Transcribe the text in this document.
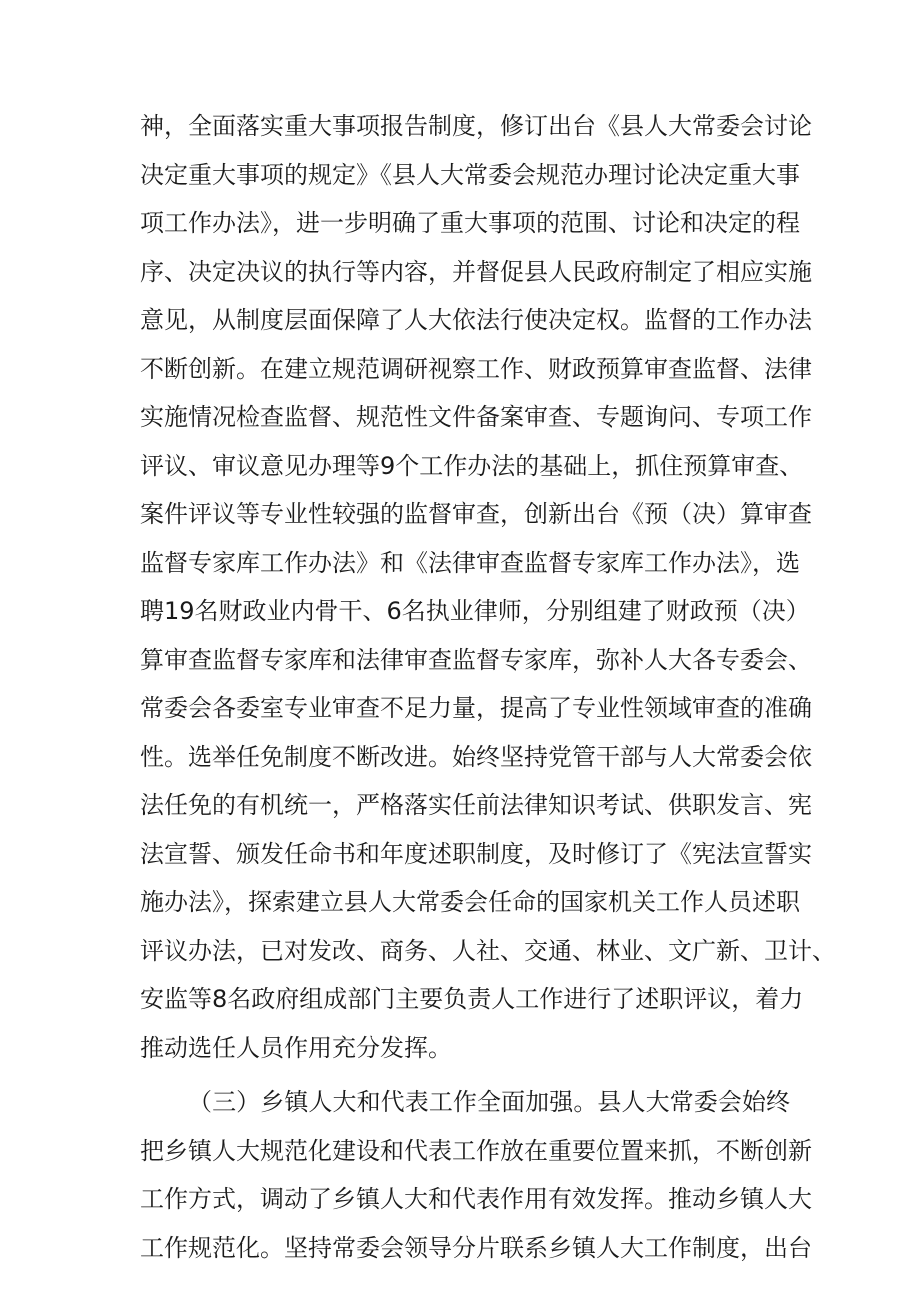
神，全面落实重大事项报告制度，修订出台《县人大常委会讨论
决定重大事项的规定》《县人大常委会规范办理讨论决定重大事
项工作办法》，进一步明确了重大事项的范围、讨论和决定的程
序、决定决议的执行等内容，并督促县人民政府制定了相应实施
意见，从制度层面保障了人大依法行使决定权。监督的工作办法
不断创新。在建立规范调研视察工作、财政预算审查监督、法律
实施情况检查监督、规范性文件备案审查、专题询问、专项工作
评议、审议意见办理等9个工作办法的基础上，抓住预算审查、
案件评议等专业性较强的监督审查，创新出台《预（决）算审查
监督专家库工作办法》和《法律审查监督专家库工作办法》，选
聘19名财政业内骨干、6名执业律师，分别组建了财政预（决）
算审查监督专家库和法律审查监督专家库，弥补人大各专委会、
常委会各委室专业审查不足力量，提高了专业性领域审查的准确
性。选举任免制度不断改进。始终坚持党管干部与人大常委会依
法任免的有机统一，严格落实任前法律知识考试、供职发言、宪
法宣誓、颁发任命书和年度述职制度，及时修订了《宪法宣誓实
施办法》，探索建立县人大常委会任命的国家机关工作人员述职
评议办法，已对发改、商务、人社、交通、林业、文广新、卫计、
安监等8名政府组成部门主要负责人工作进行了述职评议，着力
推动选任人员作用充分发挥。
（三）乡镇人大和代表工作全面加强。县人大常委会始终
把乡镇人大规范化建设和代表工作放在重要位置来抓，不断创新
工作方式，调动了乡镇人大和代表作用有效发挥。推动乡镇人大
工作规范化。坚持常委会领导分片联系乡镇人大工作制度，出台
